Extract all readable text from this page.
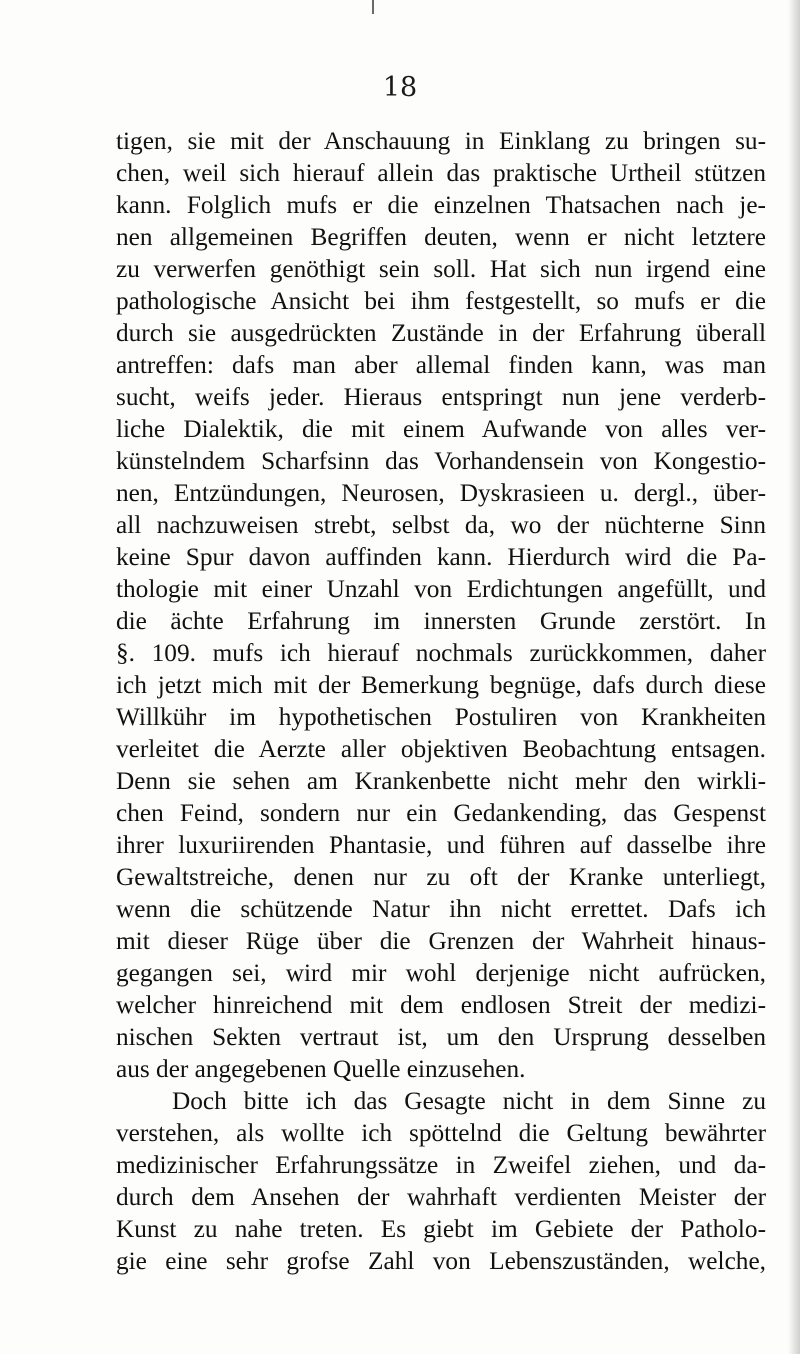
18
tigen, sie mit der Anschauung in Einklang zu bringen su-
chen, weil sich hierauf allein das praktische Urtheil stützen
kann. Folglich mufs er die einzelnen Thatsachen nach je-
nen allgemeinen Begriffen deuten, wenn er nicht letztere
zu verwerfen genöthigt sein soll. Hat sich nun irgend eine
pathologische Ansicht bei ihm festgestellt, so mufs er die
durch sie ausgedrückten Zustände in der Erfahrung überall
antreffen: dafs man aber allemal finden kann, was man
sucht, weifs jeder. Hieraus entspringt nun jene verderb-
liche Dialektik, die mit einem Aufwande von alles ver-
künstelndem Scharfsinn das Vorhandensein von Kongestio-
nen, Entzündungen, Neurosen, Dyskrasieen u. dergl., über-
all nachzuweisen strebt, selbst da, wo der nüchterne Sinn
keine Spur davon auffinden kann. Hierdurch wird die Pa-
thologie mit einer Unzahl von Erdichtungen angefüllt, und
die ächte Erfahrung im innersten Grunde zerstört. In
§. 109. mufs ich hierauf nochmals zurückkommen, daher
ich jetzt mich mit der Bemerkung begnüge, dafs durch diese
Willkühr im hypothetischen Postuliren von Krankheiten
verleitet die Aerzte aller objektiven Beobachtung entsagen.
Denn sie sehen am Krankenbette nicht mehr den wirkli-
chen Feind, sondern nur ein Gedankending, das Gespenst
ihrer luxuriirenden Phantasie, und führen auf dasselbe ihre
Gewaltstreiche, denen nur zu oft der Kranke unterliegt,
wenn die schützende Natur ihn nicht errettet. Dafs ich
mit dieser Rüge über die Grenzen der Wahrheit hinaus-
gegangen sei, wird mir wohl derjenige nicht aufrücken,
welcher hinreichend mit dem endlosen Streit der medizi-
nischen Sekten vertraut ist, um den Ursprung desselben
aus der angegebenen Quelle einzusehen.
Doch bitte ich das Gesagte nicht in dem Sinne zu
verstehen, als wollte ich spöttelnd die Geltung bewährter
medizinischer Erfahrungssätze in Zweifel ziehen, und da-
durch dem Ansehen der wahrhaft verdienten Meister der
Kunst zu nahe treten. Es giebt im Gebiete der Patholo-
gie eine sehr grofse Zahl von Lebenszuständen, welche,
